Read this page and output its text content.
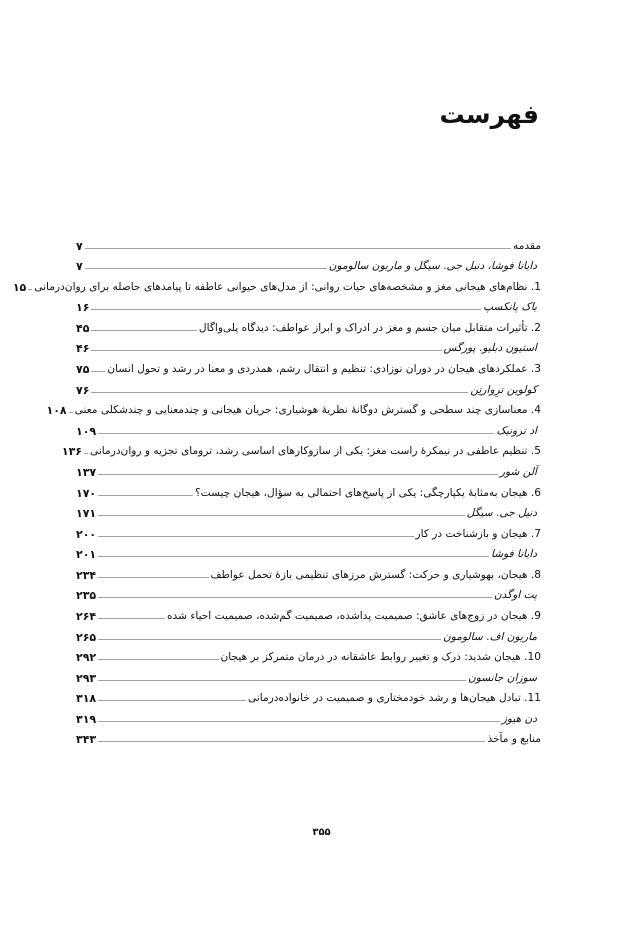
فهرست
مقدمه
۷
دایانا فوشا، دنیل جی. سیگل و ماریون سالومون
۷
1. نظام‌های هیجانی مغز و مشخصه‌های حیات روانی: از مدل‌های حیوانی عاطفه تا پیامدهای حاصله برای روان‌درمانی
۱۵
یاک پانکسپ
۱۶
2. تأثیرات متقابل میان جسم و مغز در ادراک و ابراز عواطف: دیدگاه پلی‌واگال
۴۵
استیون دبلیو. پورگس
۴۶
3. عملکردهای هیجان در دوران نوزادی: تنظیم و انتقال رشم، همدردی و معنا در رشد و تحول انسان
۷۵
کولوین ترِوارتِن
۷۶
4. معناسازی چند سطحی و گسترش دوگانهٔ نظریهٔ هوشیاری: جریان هیجانی و چندمعنایی و چندشکلی معنی
۱۰۸
اد ترونیک
۱۰۹
5. تنظیم عاطفی در نیمکرهٔ راست مغز: یکی از سازوکارهای اساسی رشد، ترومای تجزیه و روان‌درمانی
۱۳۶
آلن شور
۱۳۷
6. هیجان به‌مثابهٔ یکپارچگی: یکی از پاسخ‌های احتمالی به سؤال، هیجان چیست؟
۱۷۰
دنیل جی. سیگل
۱۷۱
7. هیجان و بازشناخت در کار
۲۰۰
دایانا فوشا
۲۰۱
8. هیجان، بهوشیاری و حرکت: گسترش مرزهای تنظیمی بازهٔ تحمل عواطف
۲۳۴
پت اوگدن
۲۳۵
9. هیجان در زوج‌های عاشق: صمیمیت پداشده، صمیمیت گم‌شده، صمیمیت احیاء شده
۲۶۴
ماریون اف. سالومون
۲۶۵
10. هیجان شدید: درک و تغییر روابط عاشقانه در درمان متمرکز بر هیجان
۲۹۲
سوزان جانسون
۲۹۳
11. تبادل هیجان‌ها و رشد خودمختاری و صمیمیت در خانواده‌درمانی
۳۱۸
دن هیوز
۳۱۹
منابع و مآخذ
۳۴۳
۳۵۵
